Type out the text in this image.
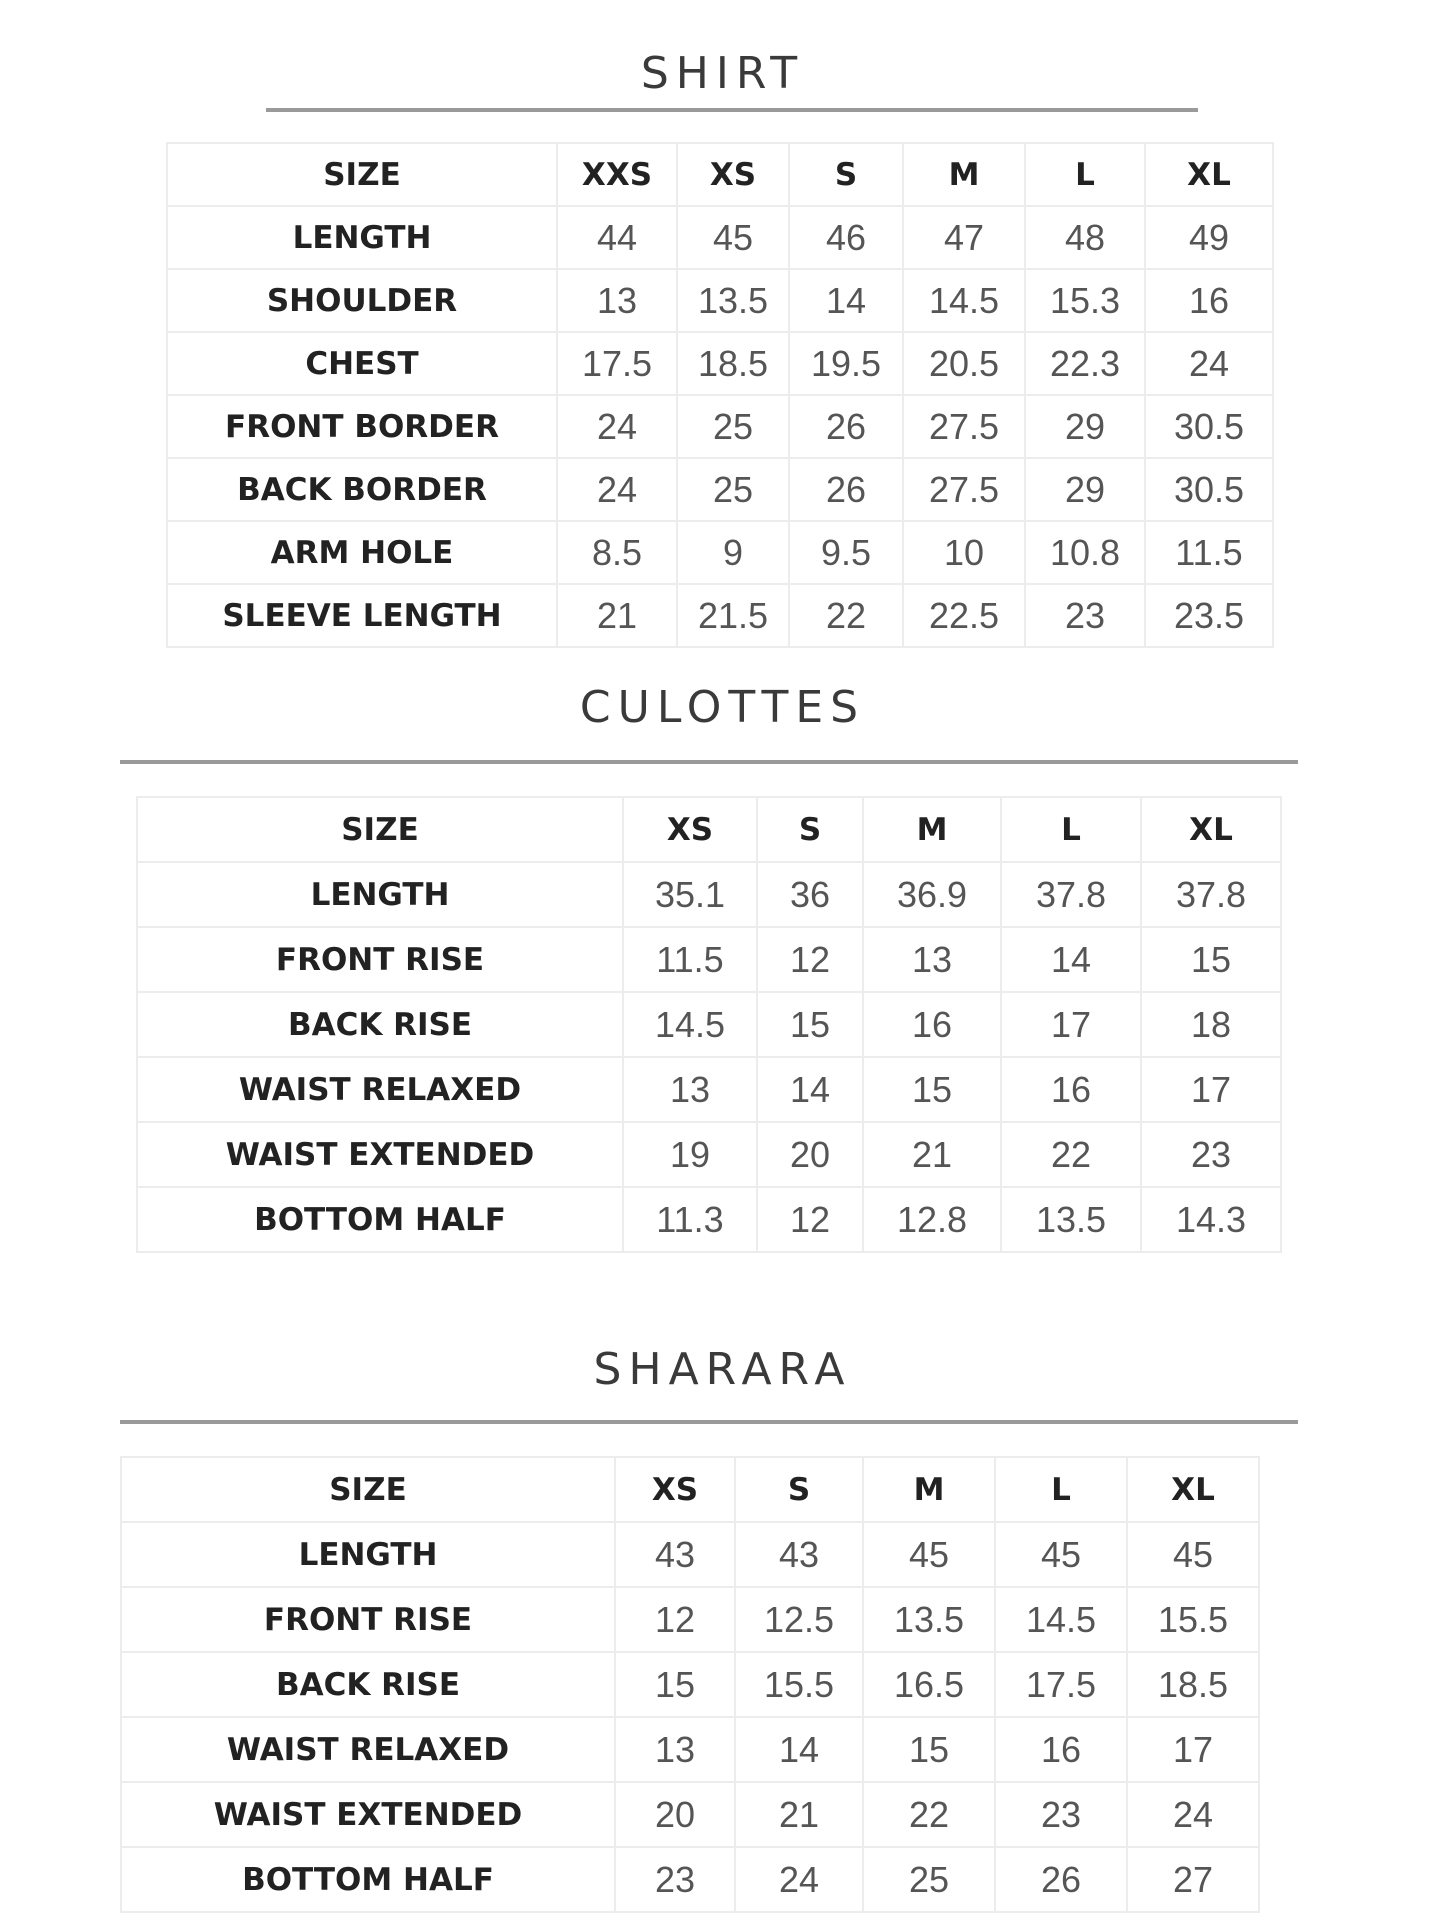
SHIRT
SIZE	XXS	XS	S	M	L	XL
LENGTH	44	45	46	47	48	49
SHOULDER	13	13.5	14	14.5	15.3	16
CHEST	17.5	18.5	19.5	20.5	22.3	24
FRONT BORDER	24	25	26	27.5	29	30.5
BACK BORDER	24	25	26	27.5	29	30.5
ARM HOLE	8.5	9	9.5	10	10.8	11.5
SLEEVE LENGTH	21	21.5	22	22.5	23	23.5
CULOTTES
SIZE	XS	S	M	L	XL
LENGTH	35.1	36	36.9	37.8	37.8
FRONT RISE	11.5	12	13	14	15
BACK RISE	14.5	15	16	17	18
WAIST RELAXED	13	14	15	16	17
WAIST EXTENDED	19	20	21	22	23
BOTTOM HALF	11.3	12	12.8	13.5	14.3
SHARARA
SIZE	XS	S	M	L	XL
LENGTH	43	43	45	45	45
FRONT RISE	12	12.5	13.5	14.5	15.5
BACK RISE	15	15.5	16.5	17.5	18.5
WAIST RELAXED	13	14	15	16	17
WAIST EXTENDED	20	21	22	23	24
BOTTOM HALF	23	24	25	26	27
